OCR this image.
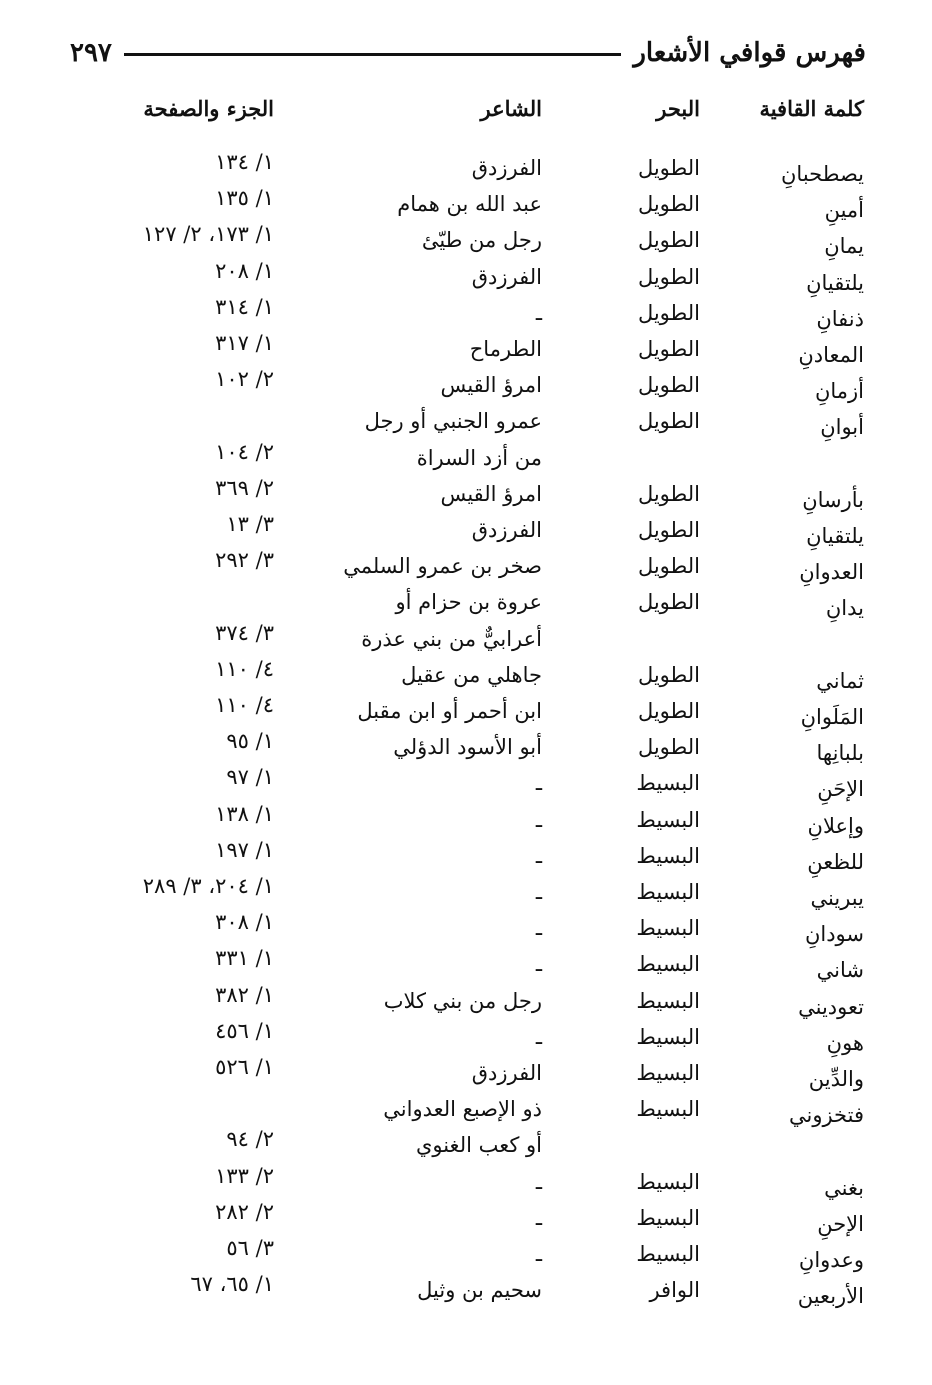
فهرس قوافي الأشعار
٢٩٧
كلمة القافية
البحر
الشاعر
الجزء والصفحة
يصطحبانِ
الطويل
الفرزدق
١/ ١٣٤
أمينِ
الطويل
عبد الله بن همام
١/ ١٣٥
يمانِ
الطويل
رجل من طيّئ
١/ ١٧٣، ٢/ ١٢٧
يلتقيانِ
الطويل
الفرزدق
١/ ٢٠٨
ذنفانِ
الطويل
ـ
١/ ٣١٤
المعادنِ
الطويل
الطرماح
١/ ٣١٧
أزمانِ
الطويل
امرؤ القيس
٢/ ١٠٢
أبوانِ
الطويل
عمرو الجنبي أو رجل
من أزد السراة
٢/ ١٠٤
بأرسانِ
الطويل
امرؤ القيس
٢/ ٣٦٩
يلتقيانِ
الطويل
الفرزدق
٣/ ١٣
العدوانِ
الطويل
صخر بن عمرو السلمي
٣/ ٢٩٢
يدانِ
الطويل
عروة بن حزام أو
أعرابيٌّ من بني عذرة
٣/ ٣٧٤
ثماني
الطويل
جاهلي من عقيل
٤/ ١١٠
المَلَوانِ
الطويل
ابن أحمر أو ابن مقبل
٤/ ١١٠
بلبانِها
الطويل
أبو الأسود الدؤلي
١/ ٩٥
الإحَنِ
البسيط
ـ
١/ ٩٧
وإعلانِ
البسيط
ـ
١/ ١٣٨
للظعنِ
البسيط
ـ
١/ ١٩٧
يبريني
البسيط
ـ
١/ ٢٠٤، ٣/ ٢٨٩
سودانِ
البسيط
ـ
١/ ٣٠٨
شاني
البسيط
ـ
١/ ٣٣١
تعوديني
البسيط
رجل من بني كلاب
١/ ٣٨٢
هونِ
البسيط
ـ
١/ ٤٥٦
والدِّين
البسيط
الفرزدق
١/ ٥٢٦
فتخزوني
البسيط
ذو الإصبع العدواني
أو كعب الغنوي
٢/ ٩٤
بغني
البسيط
ـ
٢/ ١٣٣
الإحنِ
البسيط
ـ
٢/ ٢٨٢
وعدوانِ
البسيط
ـ
٣/ ٥٦
الأربعين
الوافر
سحيم بن وثيل
١/ ٦٥، ٦٧
